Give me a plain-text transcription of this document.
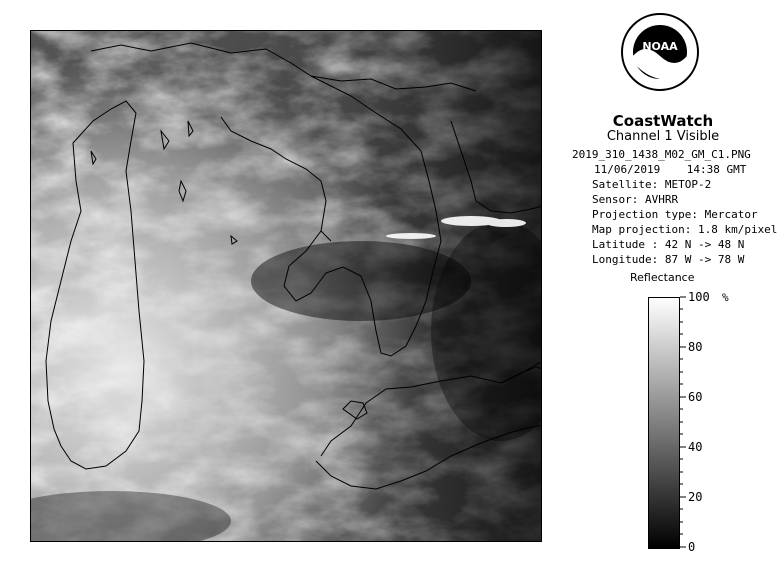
NOAA
CoastWatch
Channel 1 Visible
2019_310_1438_M02_GM_C1.PNG
11/06/2019 14:38 GMT
Satellite: METOP-2
Sensor: AVHRR
Projection type: Mercator
Map projection: 1.8 km/pixel
Latitude : 42 N -> 48 N
Longitude: 87 W -> 78 W
Reflectance
100
80
60
40
20
0
%
